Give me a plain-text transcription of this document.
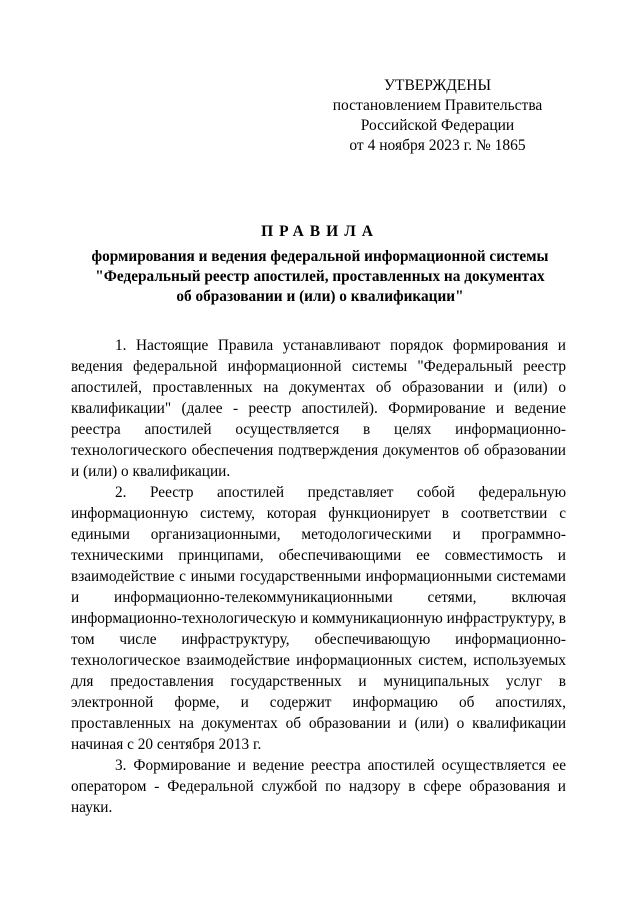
УТВЕРЖДЕНЫ
постановлением Правительства
Российской Федерации
от 4 ноября 2023 г. № 1865
ПРАВИЛА
формирования и ведения федеральной информационной системы
"Федеральный реестр апостилей, проставленных на документах
об образовании и (или) о квалификации"

1. Настоящие Правила устанавливают порядок формирования и ведения федеральной информационной системы "Федеральный реестр апостилей, проставленных на документах об образовании и (или) о квалификации" (далее - реестр апостилей). Формирование и ведение реестра апостилей осуществляется в целях информационно-технологического обеспечения подтверждения документов об образовании и (или) о квалификации.

2. Реестр апостилей представляет собой федеральную информационную систему, которая функционирует в соответствии с едиными организационными, методологическими и программно-техническими принципами, обеспечивающими ее совместимость и взаимодействие с иными государственными информационными системами и информационно-телекоммуникационными сетями, включая информационно-технологическую и коммуникационную инфраструктуру, в том числе инфраструктуру, обеспечивающую информационно-технологическое взаимодействие информационных систем, используемых для предоставления государственных и муниципальных услуг в электронной форме, и содержит информацию об апостилях, проставленных на документах об образовании и (или) о квалификации начиная с 20 сентября 2013 г.

3. Формирование и ведение реестра апостилей осуществляется ее оператором - Федеральной службой по надзору в сфере образования и науки.
